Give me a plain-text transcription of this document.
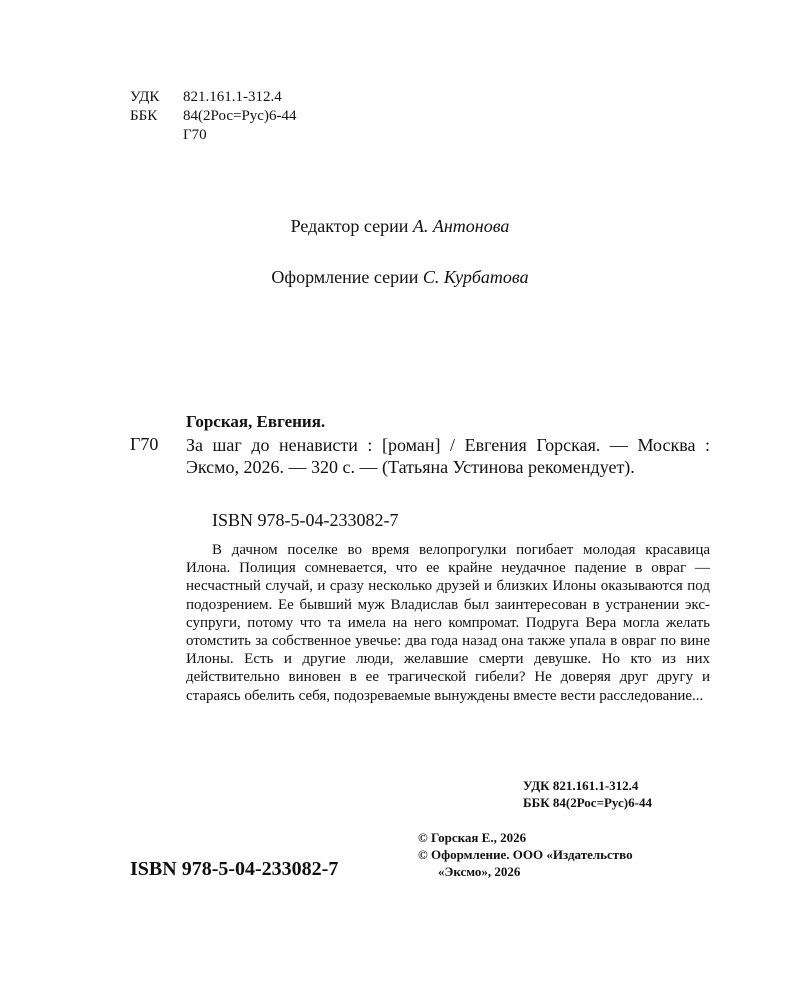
УДК	821.161.1-312.4
ББК	84(2Рос=Рус)6-44
Г70
Редактор серии А. Антонова
Оформление серии С. Курбатова
Горская, Евгения.
Г70 За шаг до ненависти : [роман] / Евгения Горская. — Москва : Эксмо, 2026. — 320 с. — (Татьяна Устинова рекомендует).
ISBN 978-5-04-233082-7

В дачном поселке во время велопрогулки погибает молодая красавица Илона. Полиция сомневается, что ее крайне неудачное падение в овраг — несчастный случай, и сразу несколько друзей и близких Илоны оказываются под подозрением. Ее бывший муж Владислав был заинтересован в устранении экс-супруги, потому что та имела на него компромат. Подруга Вера могла желать отомстить за собственное увечье: два года назад она также упала в овраг по вине Илоны. Есть и другие люди, желавшие смерти девушке. Но кто из них действительно виновен в ее трагической гибели? Не доверяя друг другу и стараясь обелить себя, подозреваемые вынуждены вместе вести расследование...

УДК 821.161.1-312.4
ББК 84(2Рос=Рус)6-44
© Горская Е., 2026
© Оформление. ООО «Издательство
«Эксмо», 2026
ISBN 978-5-04-233082-7
